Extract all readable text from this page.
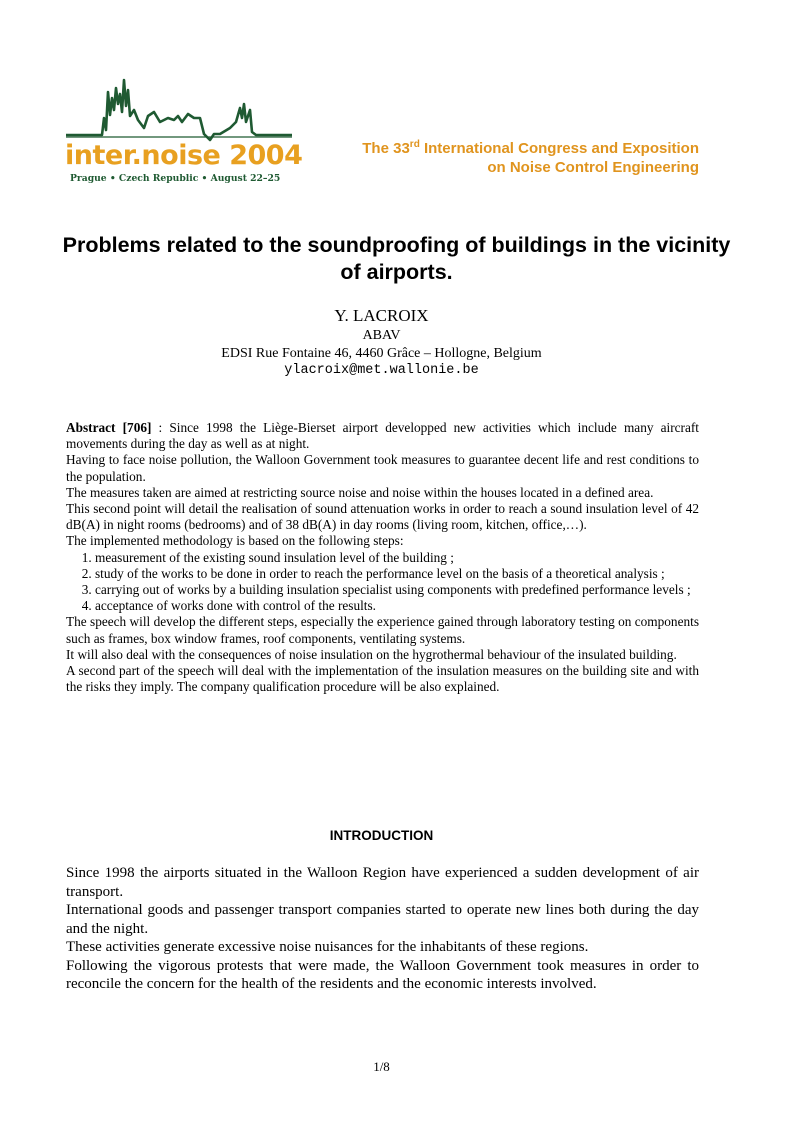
inter.noise 2004
Prague • Czech Republic • August 22–25
The 33rd International Congress and Exposition
on Noise Control Engineering
Problems related to the soundproofing of buildings in the vicinity of airports.
Y. LACROIX
ABAV
EDSI Rue Fontaine 46, 4460 Grâce – Hollogne, Belgium
ylacroix@met.wallonie.be

Abstract [706] : Since 1998 the Liège-Bierset airport developped new activities which include many aircraft movements during the day as well as at night.

Having to face noise pollution, the Walloon Government took measures to guarantee decent life and rest conditions to the population.

The measures taken are aimed at restricting source noise and noise within the houses located in a defined area.

This second point will detail the realisation of sound attenuation works in order to reach a sound insulation level of 42 dB(A) in night rooms (bedrooms) and of 38 dB(A) in day rooms (living room, kitchen, office,…).

The implemented methodology is based on the following steps:

1. measurement of the existing sound insulation level of the building ;
2. study of the works to be done in order to reach the performance level on the basis of a theoretical analysis ;
3. carrying out of works by a building insulation specialist using components with predefined performance levels ;
4. acceptance of works done with control of the results.

The speech will develop the different steps, especially the experience gained through laboratory testing on components such as frames, box window frames, roof components, ventilating systems.

It will also deal with the consequences of noise insulation on the hygrothermal behaviour of the insulated building.

A second part of the speech will deal with the implementation of the insulation measures on the building site and with the risks they imply. The company qualification procedure will be also explained.

INTRODUCTION

Since 1998 the airports situated in the Walloon Region have experienced a sudden development of air transport.

International goods and passenger transport companies started to operate new lines both during the day and the night.

These activities generate excessive noise nuisances for the inhabitants of these regions.

Following the vigorous protests that were made, the Walloon Government took measures in order to reconcile the concern for the health of the residents and the economic interests involved.

1/8
